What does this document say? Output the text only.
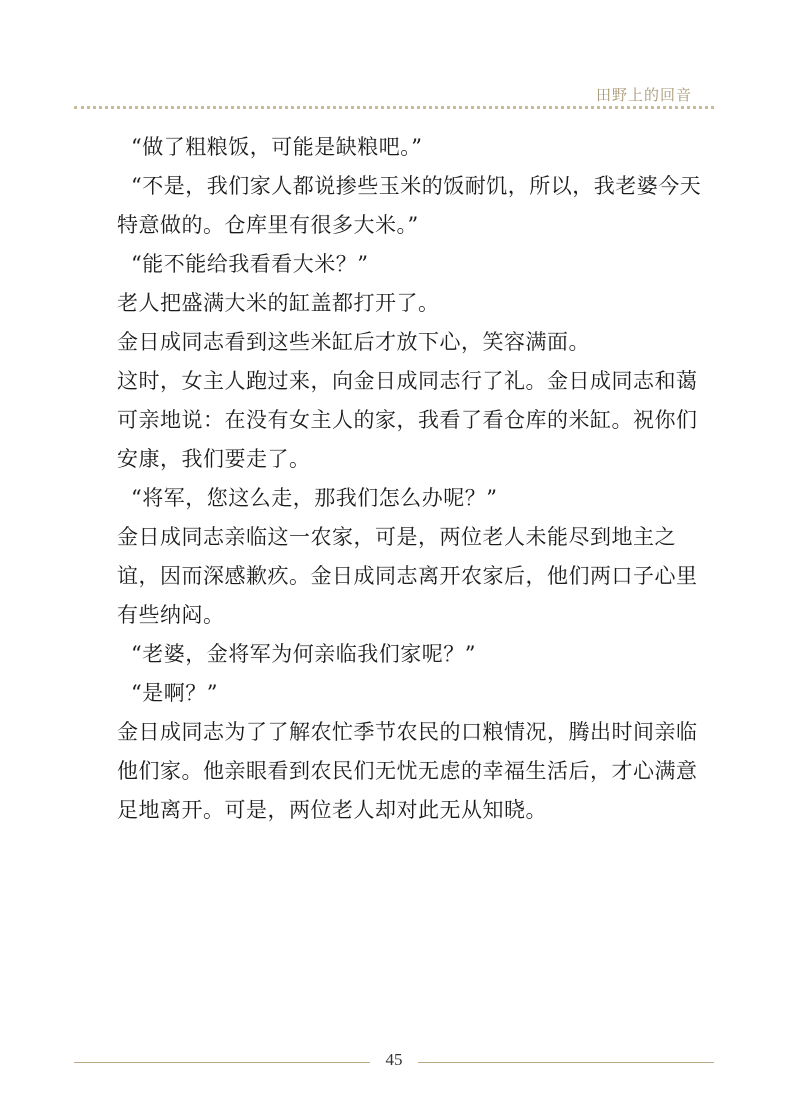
田野上的回音

“做了粗粮饭，可能是缺粮吧。”

“不是，我们家人都说掺些玉米的饭耐饥，所以，我老婆今天特意做的。仓库里有很多大米。”

“能不能给我看看大米？”

老人把盛满大米的缸盖都打开了。

金日成同志看到这些米缸后才放下心，笑容满面。

这时，女主人跑过来，向金日成同志行了礼。金日成同志和蔼可亲地说：在没有女主人的家，我看了看仓库的米缸。祝你们安康，我们要走了。

“将军，您这么走，那我们怎么办呢？”

金日成同志亲临这一农家，可是，两位老人未能尽到地主之谊，因而深感歉疚。金日成同志离开农家后，他们两口子心里有些纳闷。

“老婆，金将军为何亲临我们家呢？”

“是啊？”

金日成同志为了了解农忙季节农民的口粮情况，腾出时间亲临他们家。他亲眼看到农民们无忧无虑的幸福生活后，才心满意足地离开。可是，两位老人却对此无从知晓。

45
